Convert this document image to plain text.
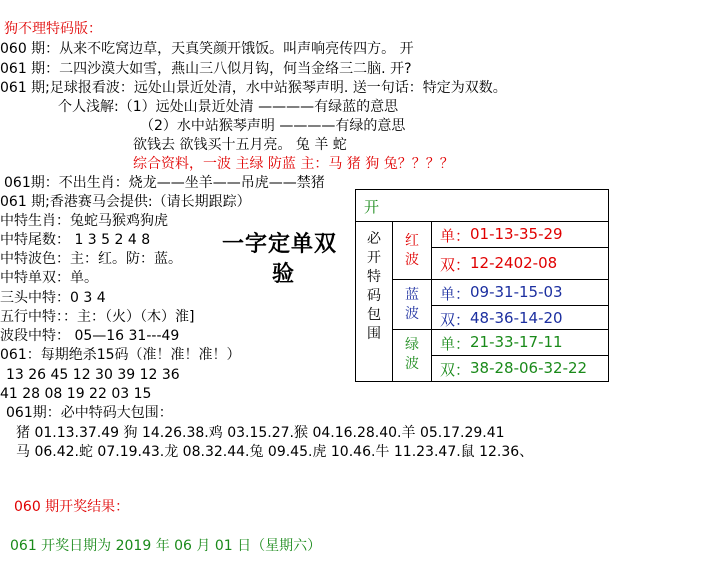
狗不理特码版：
060 期：从来不吃窝边草，天真笑颜开饿饭。叫声响亮传四方。 开
061 期：二四沙漠大如雪，燕山三八似月钩，何当金络三二脑. 开?
061 期;足球报看波：远处山景近处清，水中站猴琴声明. 送一句话：特定为双数。
个人浅解:（1）远处山景近处清 ————有绿蓝的意思
（2）水中站猴琴声明 ————有绿的意思
欲钱去 欲钱买十五月亮。 兔 羊 蛇
综合资料，一波 主绿 防蓝 主：马 猪 狗 兔？？？？
061期：不出生肖：烧龙——坐羊——吊虎——禁猪
061 期;香港赛马会提供:（请长期跟踪）
中特生肖：兔蛇马猴鸡狗虎
中特尾数： 1 3 5 2 4 8
中特波色：主：红。防：蓝。
中特单双：单。
三头中特：0 3 4
五行中特：：主：（火）（木）淮]
波段中特： 05—16 31---49
061：每期绝杀15码（准！准！准！）
13 26 45 12 30 39 12 36
41 28 08 19 22 03 15
061期：必中特码大包围：
猪 01.13.37.49 狗 14.26.38.鸡 03.15.27.猴 04.16.28.40.羊 05.17.29.41
马 06.42.蛇 07.19.43.龙 08.32.44.兔 09.45.虎 10.46.牛 11.23.47.鼠 12.36、
060 期开奖结果：
061 开奖日期为 2019 年 06 月 01 日（星期六）
一字定单双
验
开
必开特码包围
红波
单： 01-13-35-29
双： 12-2402-08
蓝波
单： 09-31-15-03
双： 48-36-14-20
绿波
单： 21-33-17-11
双： 38-28-06-32-22
